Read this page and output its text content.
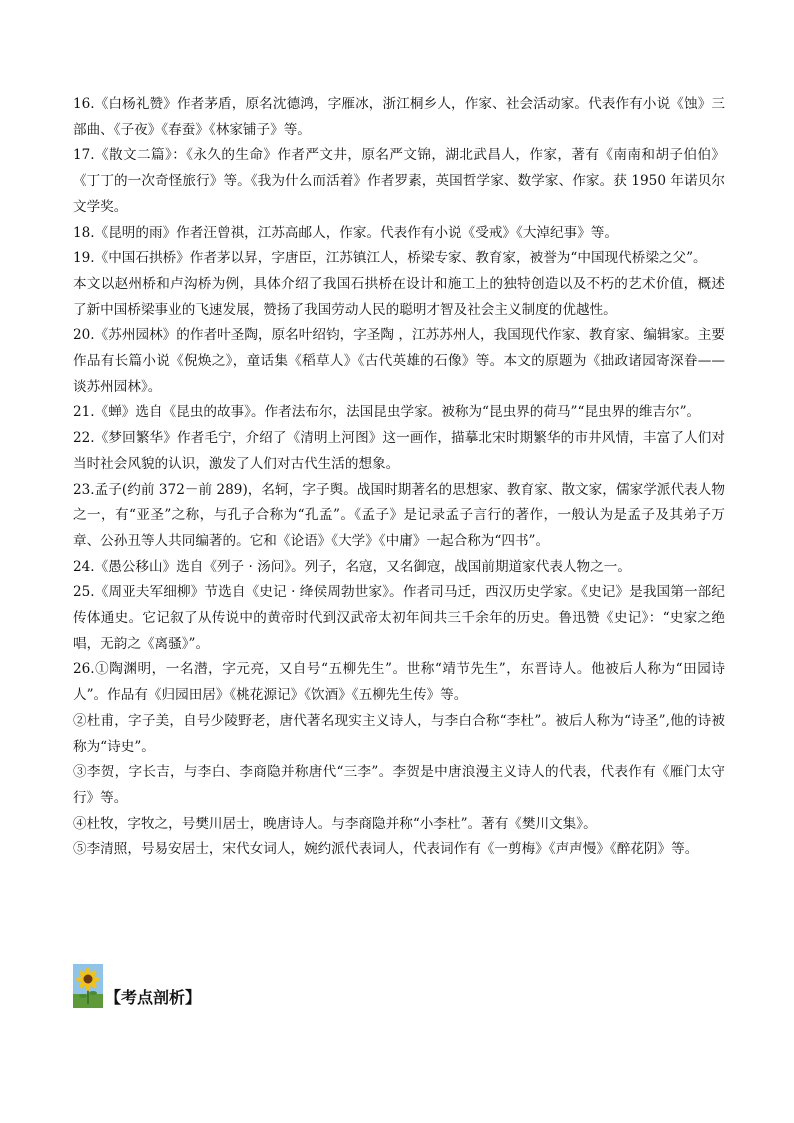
16.《白杨礼赞》作者茅盾，原名沈德鸿，字雁冰，浙江桐乡人，作家、社会活动家。代表作有小说《蚀》三部曲、《子夜》《春蚕》《林家铺子》等。

17.《散文二篇》：《永久的生命》作者严文井，原名严文锦，湖北武昌人，作家，著有《南南和胡子伯伯》《丁丁的一次奇怪旅行》等。《我为什么而活着》作者罗素，英国哲学家、数学家、作家。获 1950 年诺贝尔文学奖。

18.《昆明的雨》作者汪曾祺，江苏高邮人，作家。代表作有小说《受戒》《大淖纪事》等。

19.《中国石拱桥》作者茅以昇，字唐臣，江苏镇江人，桥梁专家、教育家，被誉为“中国现代桥梁之父”。

本文以赵州桥和卢沟桥为例，具体介绍了我国石拱桥在设计和施工上的独特创造以及不朽的艺术价值，概述了新中国桥梁事业的飞速发展，赞扬了我国劳动人民的聪明才智及社会主义制度的优越性。

20.《苏州园林》的作者叶圣陶，原名叶绍钧，字圣陶 ，江苏苏州人，我国现代作家、教育家、编辑家。主要作品有长篇小说《倪焕之》，童话集《稻草人》《古代英雄的石像》等。本文的原题为《拙政诸园寄深眷——谈苏州园林》。

21.《蝉》选自《昆虫的故事》。作者法布尔，法国昆虫学家。被称为“昆虫界的荷马”“昆虫界的维吉尔”。

22.《梦回繁华》作者毛宁，介绍了《清明上河图》这一画作，描摹北宋时期繁华的市井风情，丰富了人们对当时社会风貌的认识，激发了人们对古代生活的想象。

23.孟子(约前 372－前 289)，名轲，字子舆。战国时期著名的思想家、教育家、散文家，儒家学派代表人物之一，有“亚圣”之称，与孔子合称为“孔孟”。《孟子》是记录孟子言行的著作，一般认为是孟子及其弟子万章、公孙丑等人共同编著的。它和《论语》《大学》《中庸》一起合称为“四书”。

24.《愚公移山》选自《列子 · 汤问》。列子，名寇，又名御寇，战国前期道家代表人物之一。

25.《周亚夫军细柳》节选自《史记 · 绛侯周勃世家》。作者司马迁，西汉历史学家。《史记》是我国第一部纪传体通史。它记叙了从传说中的黄帝时代到汉武帝太初年间共三千余年的历史。鲁迅赞《史记》：“史家之绝唱，无韵之《离骚》”。

26.①陶渊明，一名潜，字元亮，又自号“五柳先生”。世称“靖节先生”，东晋诗人。他被后人称为“田园诗人”。作品有《归园田居》《桃花源记》《饮酒》《五柳先生传》等。

②杜甫，字子美，自号少陵野老，唐代著名现实主义诗人，与李白合称“李杜”。被后人称为“诗圣”,他的诗被称为“诗史”。

③李贺，字长吉，与李白、李商隐并称唐代“三李”。李贺是中唐浪漫主义诗人的代表，代表作有《雁门太守行》等。

④杜牧，字牧之，号樊川居士，晚唐诗人。与李商隐并称“小李杜”。著有《樊川文集》。

⑤李清照，号易安居士，宋代女词人，婉约派代表词人，代表词作有《一剪梅》《声声慢》《醉花阴》等。

【考点剖析】
